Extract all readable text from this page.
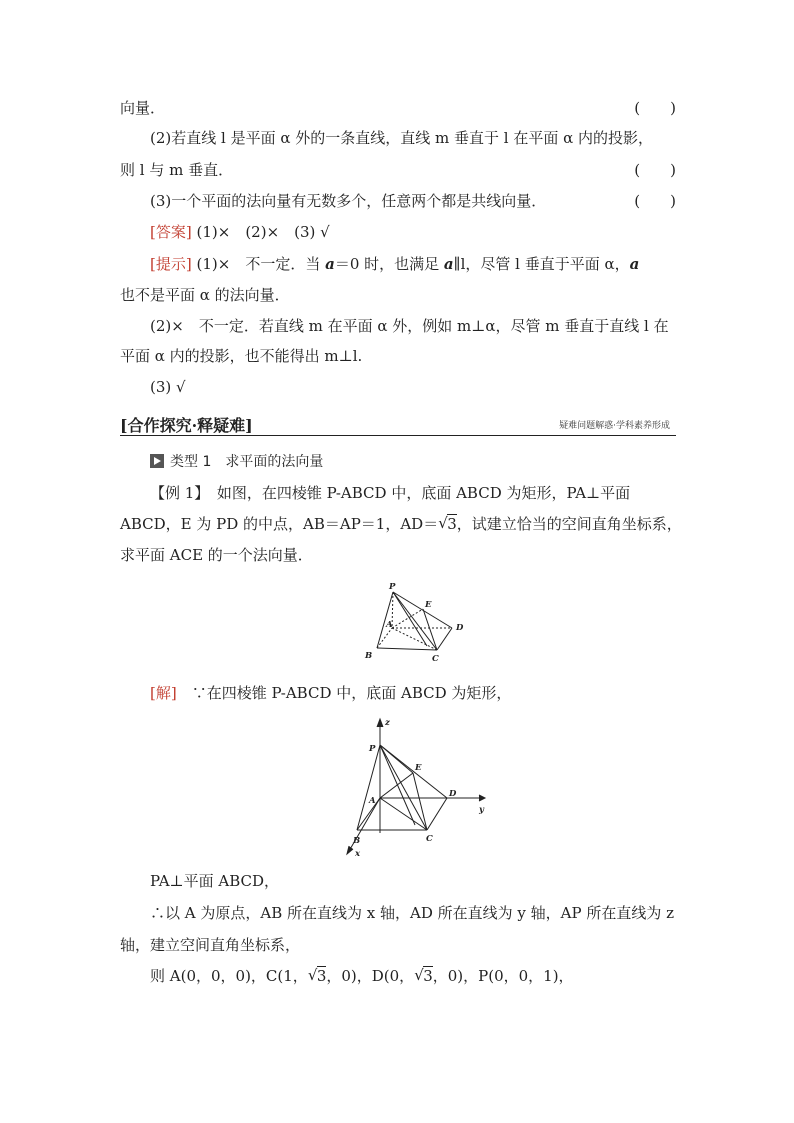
向量．	(　　)
(2)若直线 l 是平面 α 外的一条直线，直线 m 垂直于 l 在平面 α 内的投影，
则 l 与 m 垂直．	(　　)
(3)一个平面的法向量有无数多个，任意两个都是共线向量．	(　　)
[答案] (1)×　(2)×　(3) √
[提示] (1)×　不一定．当 a＝0 时，也满足 a∥l，尽管 l 垂直于平面 α，a
也不是平面 α 的法向量．
(2)×　不一定．若直线 m 在平面 α 外，例如 m⊥α，尽管 m 垂直于直线 l 在
平面 α 内的投影，也不能得出 m⊥l.
(3) √
[合作探究·释疑难]	疑难问题解惑·学科素养形成
类型 1　求平面的法向量
【例 1】　如图，在四棱锥 P-ABCD 中，底面 ABCD 为矩形，PA⊥平面
ABCD，E 为 PD 的中点，AB＝AP＝1，AD＝ √ 3，试建立恰当的空间直角坐标系，
求平面 ACE 的一个法向量．
P
E
D
A
B	C
[解]　∵在四棱锥 P-ABCD 中，底面 ABCD 为矩形，
z
P
E
D
y
A
B	C
x
PA⊥平面 ABCD，
∴以 A 为原点，AB 所在直线为 x 轴，AD 所在直线为 y 轴，AP 所在直线为 z
轴，建立空间直角坐标系，
则 A(0，0，0)，C(1， √ 3，0)，D(0， √ 3，0)，P(0，0，1)，
